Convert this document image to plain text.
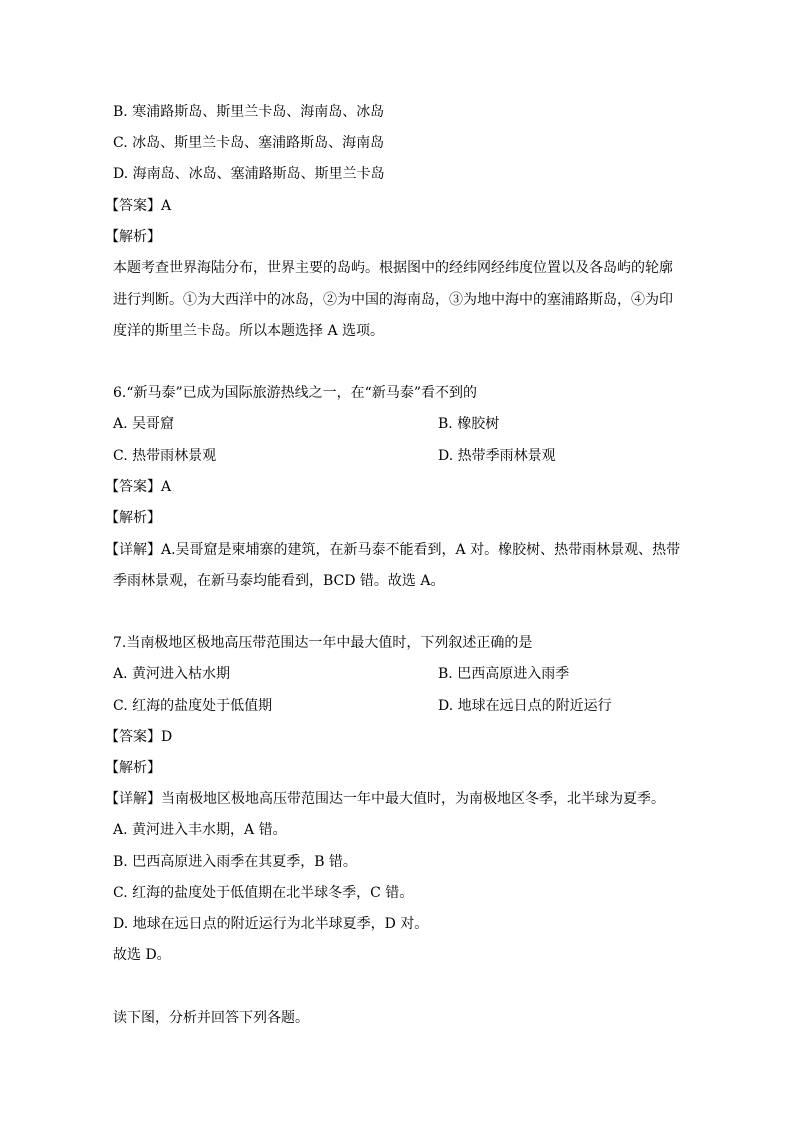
B. 寒浦路斯岛、斯里兰卡岛、海南岛、冰岛
C. 冰岛、斯里兰卡岛、塞浦路斯岛、海南岛
D. 海南岛、冰岛、塞浦路斯岛、斯里兰卡岛
【答案】A
【解析】
本题考查世界海陆分布，世界主要的岛屿。根据图中的经纬网经纬度位置以及各岛屿的轮廓
进行判断。①为大西洋中的冰岛，②为中国的海南岛，③为地中海中的塞浦路斯岛，④为印
度洋的斯里兰卡岛。所以本题选择 A 选项。
6.“新马泰”已成为国际旅游热线之一，在“新马泰”看不到的
A. 吴哥窟	B. 橡胶树
C. 热带雨林景观	D. 热带季雨林景观
【答案】A
【解析】
【详解】A.吴哥窟是柬埔寨的建筑，在新马泰不能看到，A 对。橡胶树、热带雨林景观、热带
季雨林景观，在新马泰均能看到，BCD 错。故选 A。
7.当南极地区极地高压带范围达一年中最大值时，下列叙述正确的是
A. 黄河进入枯水期	B. 巴西高原进入雨季
C. 红海的盐度处于低值期	D. 地球在远日点的附近运行
【答案】D
【解析】
【详解】当南极地区极地高压带范围达一年中最大值时，为南极地区冬季，北半球为夏季。
A. 黄河进入丰水期，A 错。
B. 巴西高原进入雨季在其夏季，B 错。
C. 红海的盐度处于低值期在北半球冬季，C 错。
D. 地球在远日点的附近运行为北半球夏季，D 对。
故选 D。
读下图，分析并回答下列各题。
